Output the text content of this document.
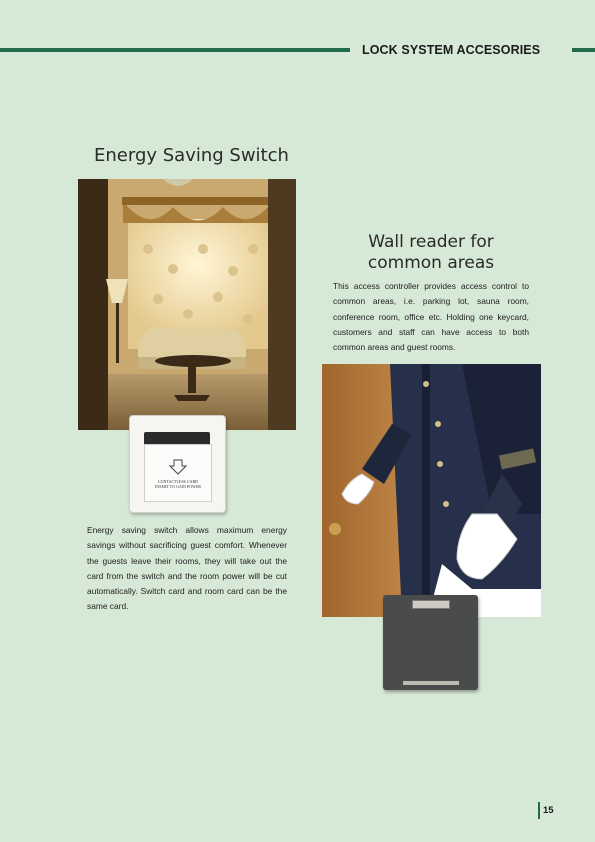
LOCK SYSTEM ACCESORIES
Energy Saving Switch
CONTACTLESS CARD
INSERT TO GAIN POWER
Energy saving switch allows maximum energy savings without sacrificing guest comfort. Whenever the guests leave their rooms, they will take out the card from the switch and the room power will be cut automatically. Switch card and room card can be the same card.
Wall reader for common areas
This access controller provides access control to common areas, i.e. parking lot, sauna room, conference room, office etc. Holding one keycard, customers and staff can have access to both common areas and guest rooms.
15
